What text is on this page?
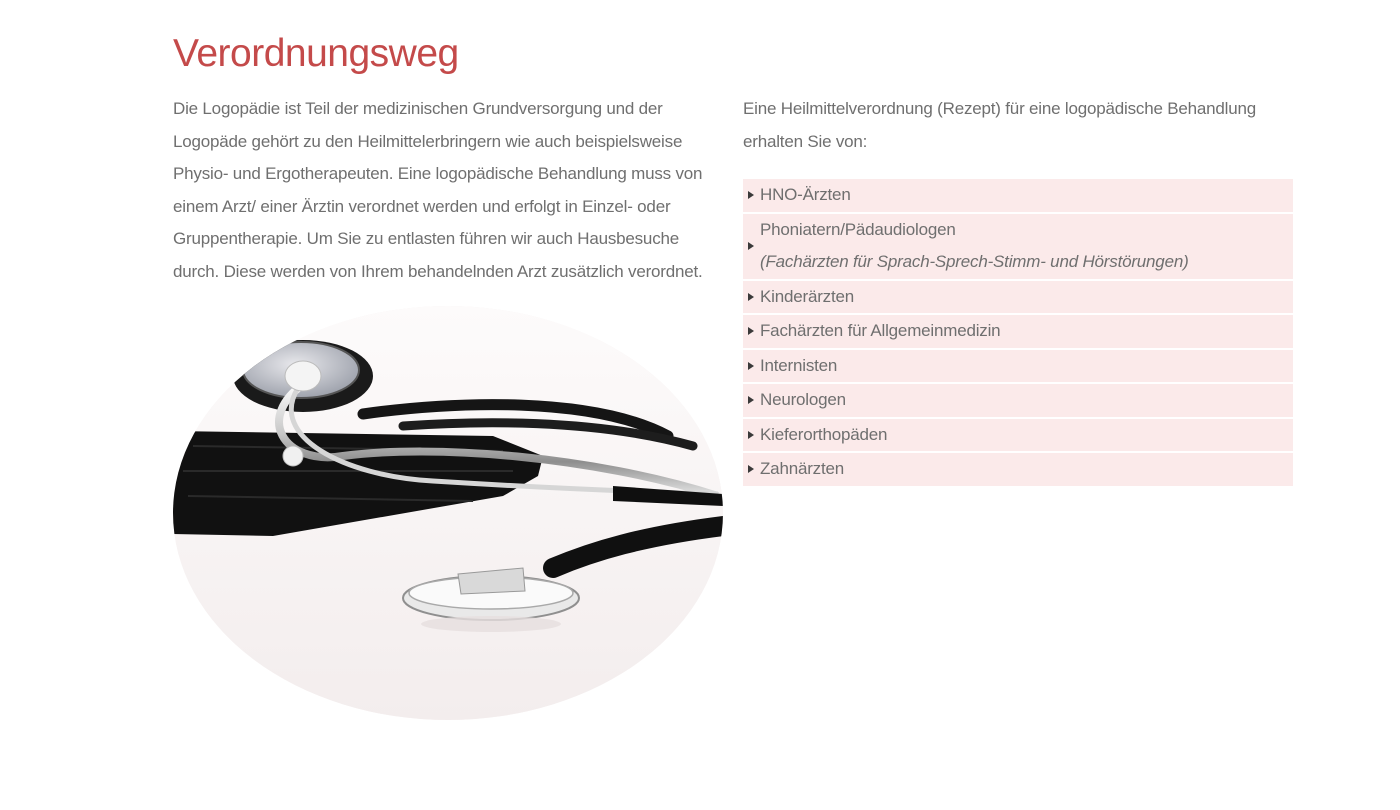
Verordnungsweg

Die Logopädie ist Teil der medizinischen Grundversorgung und der Logopäde gehört zu den Heilmittelerbringern wie auch beispielsweise Physio- und Ergotherapeuten. Eine logopädische Behandlung muss von einem Arzt/ einer Ärztin verordnet werden und erfolgt in Einzel- oder Gruppentherapie. Um Sie zu entlasten führen wir auch Hausbesuche durch. Diese werden von Ihrem behandelnden Arzt zusätzlich verordnet.

Eine Heilmittelverordnung (Rezept) für eine logopädische Behandlung erhalten Sie von:

HNO-Ärzten
Phoniatern/Pädaudiologen
(Fachärzten für Sprach-Sprech-Stimm- und Hörstörungen)
Kinderärzten
Fachärzten für Allgemeinmedizin
Internisten
Neurologen
Kieferorthopäden
Zahnärzten
